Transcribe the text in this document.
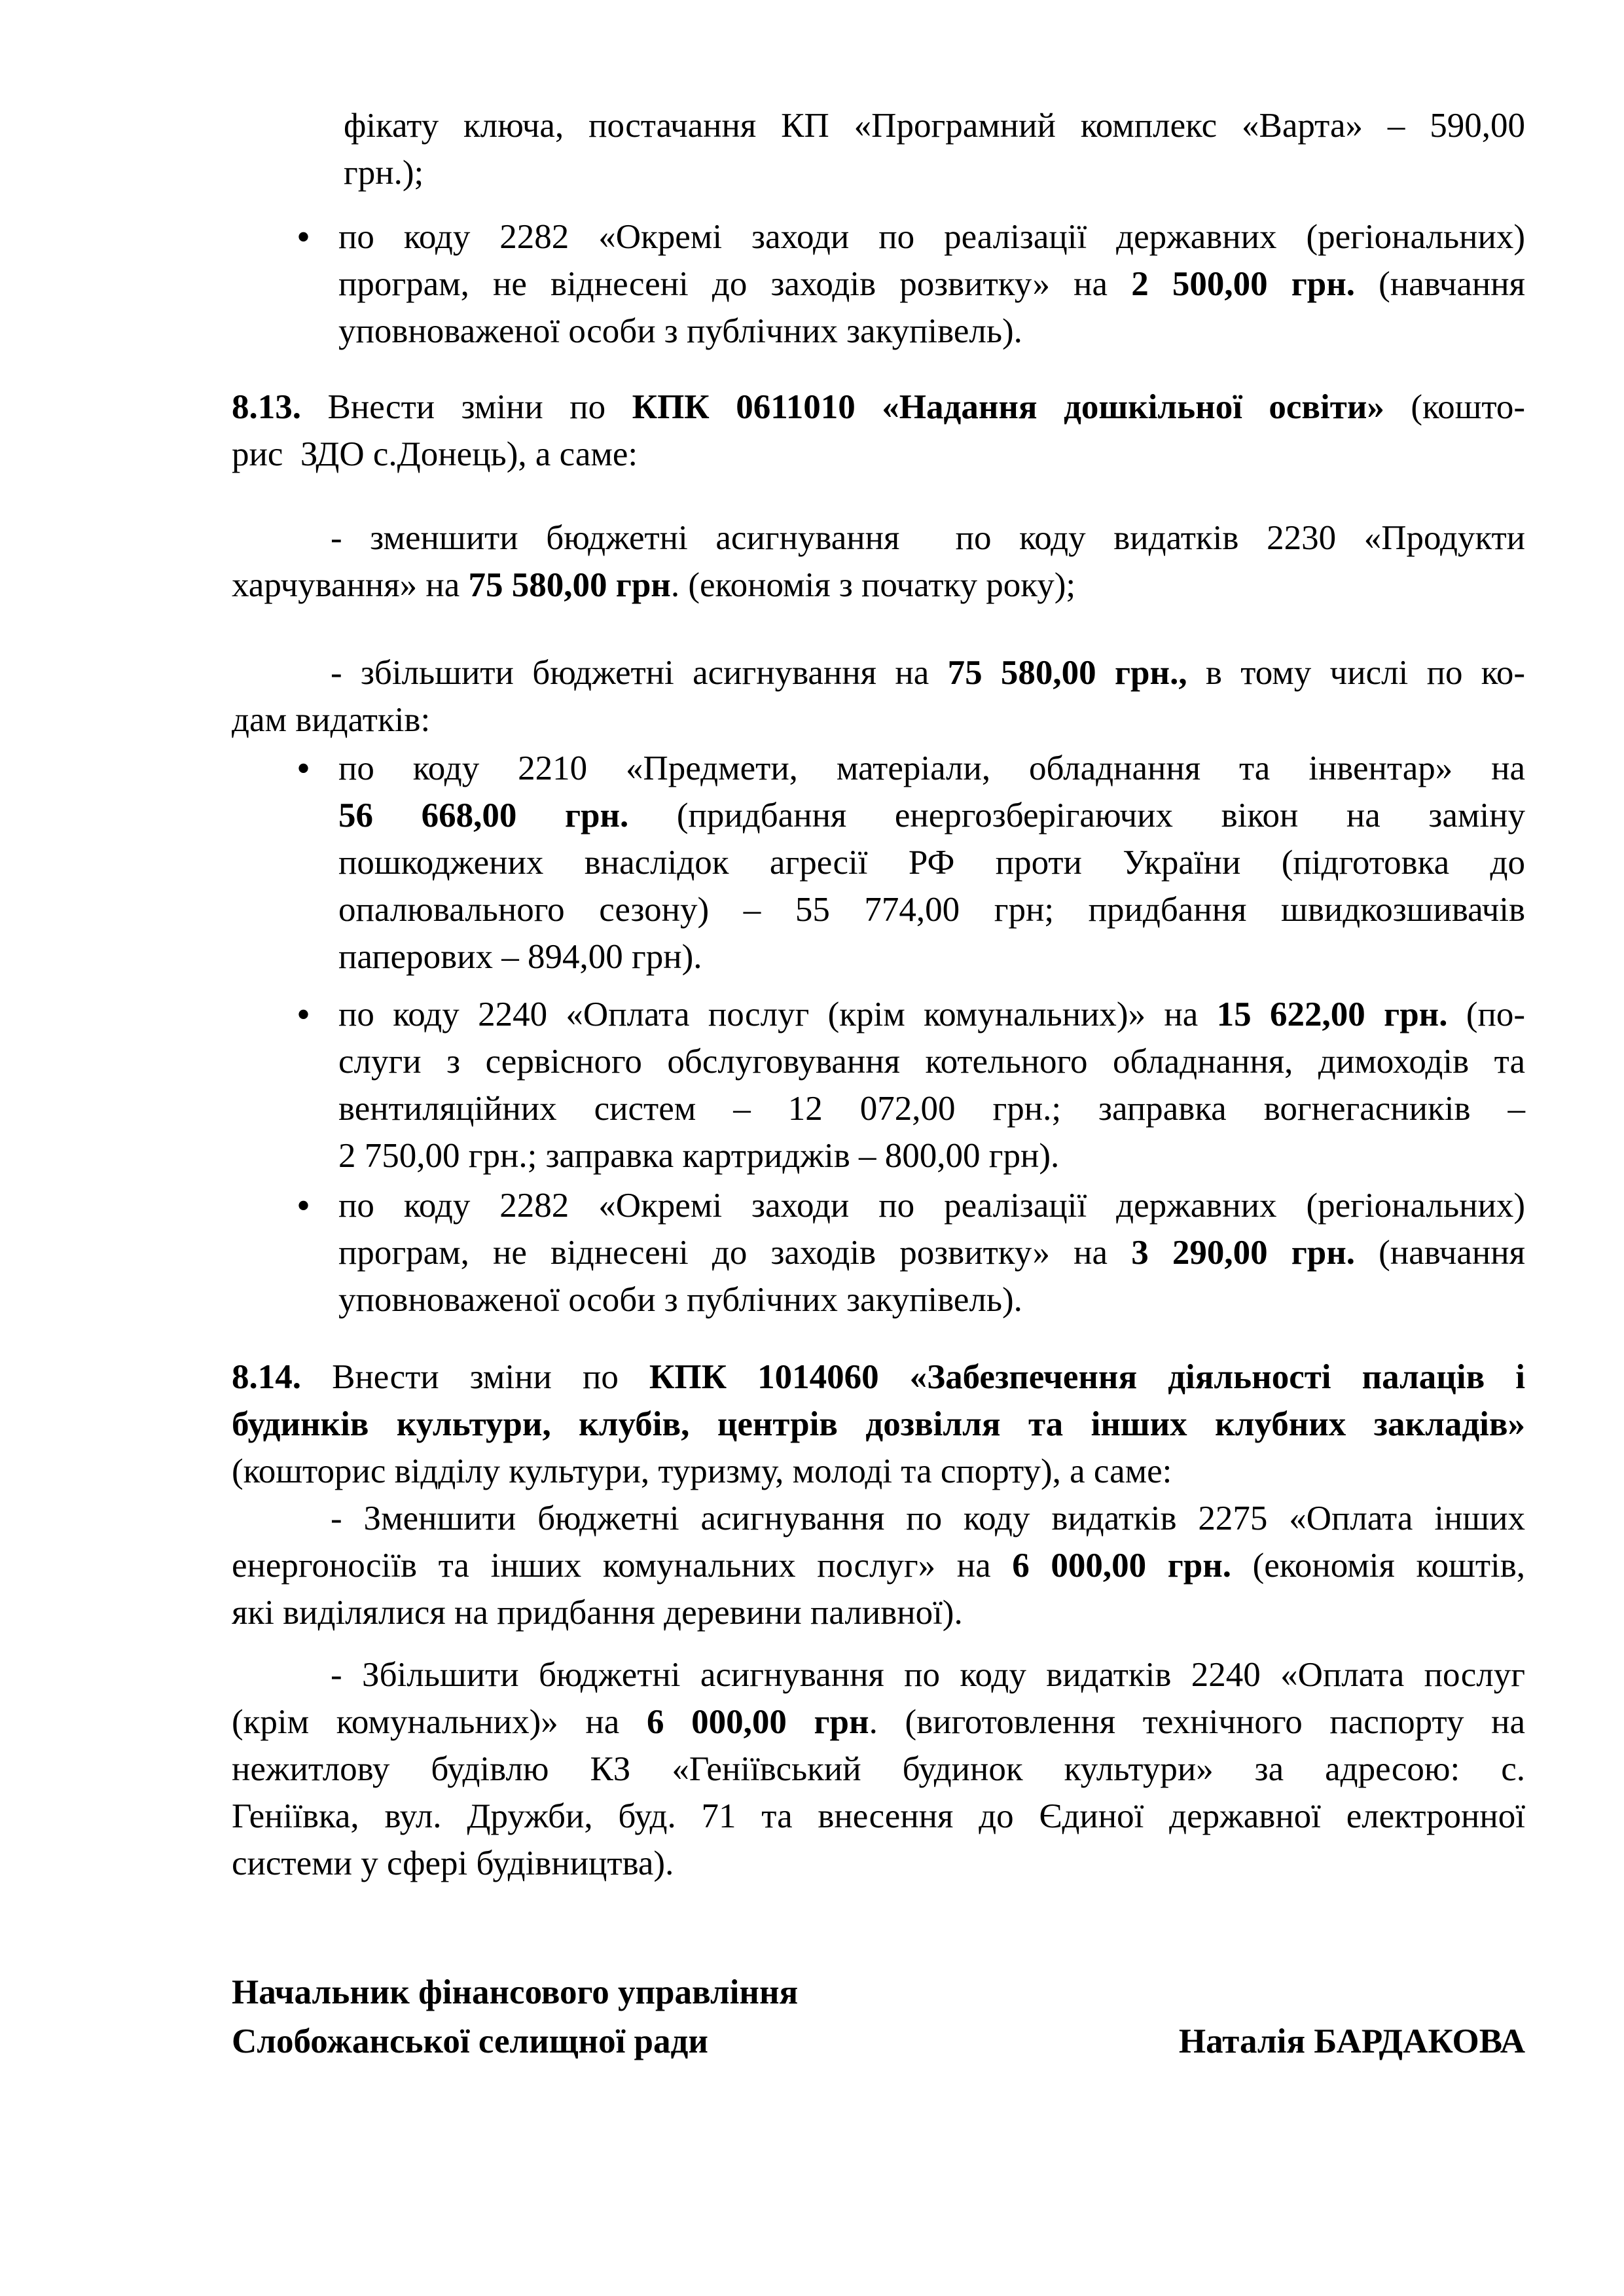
фікату ключа, постачання КП «Програмний комплекс «Варта» – 590,00
грн.);
• по коду 2282 «Окремі заходи по реалізації державних (регіональних)
програм, не віднесені до заходів розвитку» на 2 500,00 грн. (навчання
уповноваженої особи з публічних закупівель).
8.13. Внести зміни по КПК 0611010 «Надання дошкільної освіти» (кошто-
рис  ЗДО с.Донець), а саме:
- зменшити бюджетні асигнування  по коду видатків 2230 «Продукти
харчування» на 75 580,00 грн. (економія з початку року);
- збільшити бюджетні асигнування на 75 580,00 грн., в тому числі по ко-
дам видатків:
• по коду 2210 «Предмети, матеріали, обладнання та інвентар» на
56 668,00 грн. (придбання енергозберігаючих вікон на заміну
пошкоджених внаслідок агресії РФ проти України (підготовка до
опалювального сезону) – 55 774,00 грн; придбання швидкозшивачів
паперових – 894,00 грн).
• по коду 2240 «Оплата послуг (крім комунальних)» на 15 622,00 грн. (по-
слуги з сервісного обслуговування котельного обладнання, димоходів та
вентиляційних систем – 12 072,00 грн.; заправка вогнегасників –
2 750,00 грн.; заправка картриджів – 800,00 грн).
• по коду 2282 «Окремі заходи по реалізації державних (регіональних)
програм, не віднесені до заходів розвитку» на 3 290,00 грн. (навчання
уповноваженої особи з публічних закупівель).
8.14. Внести зміни по КПК 1014060 «Забезпечення діяльності палаців і
будинків культури, клубів, центрів дозвілля та інших клубних закладів»
(кошторис відділу культури, туризму, молоді та спорту), а саме:
- Зменшити бюджетні асигнування по коду видатків 2275 «Оплата інших
енергоносіїв та інших комунальних послуг» на 6 000,00 грн. (економія коштів,
які виділялися на придбання деревини паливної).
- Збільшити бюджетні асигнування по коду видатків 2240 «Оплата послуг
(крім комунальних)» на 6 000,00 грн. (виготовлення технічного паспорту на
нежитлову будівлю КЗ «Геніївський будинок культури» за адресою: с.
Геніївка, вул. Дружби, буд. 71 та внесення до Єдиної державної електронної
системи у сфері будівництва).
Начальник фінансового управління
Слобожанської селищної ради	Наталія БАРДАКОВА
